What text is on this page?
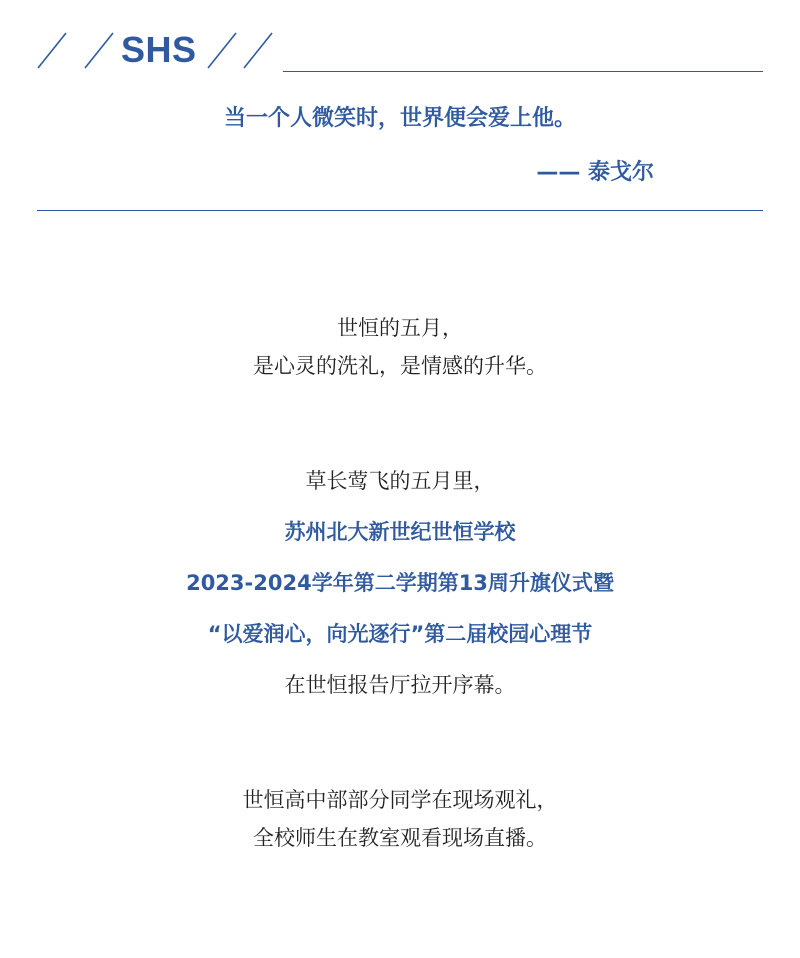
SHS
当一个人微笑时，世界便会爱上他。
—— 泰戈尔
世恒的五月，
是心灵的洗礼，是情感的升华。
草长莺飞的五月里，
苏州北大新世纪世恒学校
2023-2024学年第二学期第13周升旗仪式暨
“以爱润心，向光逐行”第二届校园心理节
在世恒报告厅拉开序幕。
世恒高中部部分同学在现场观礼，
全校师生在教室观看现场直播。
